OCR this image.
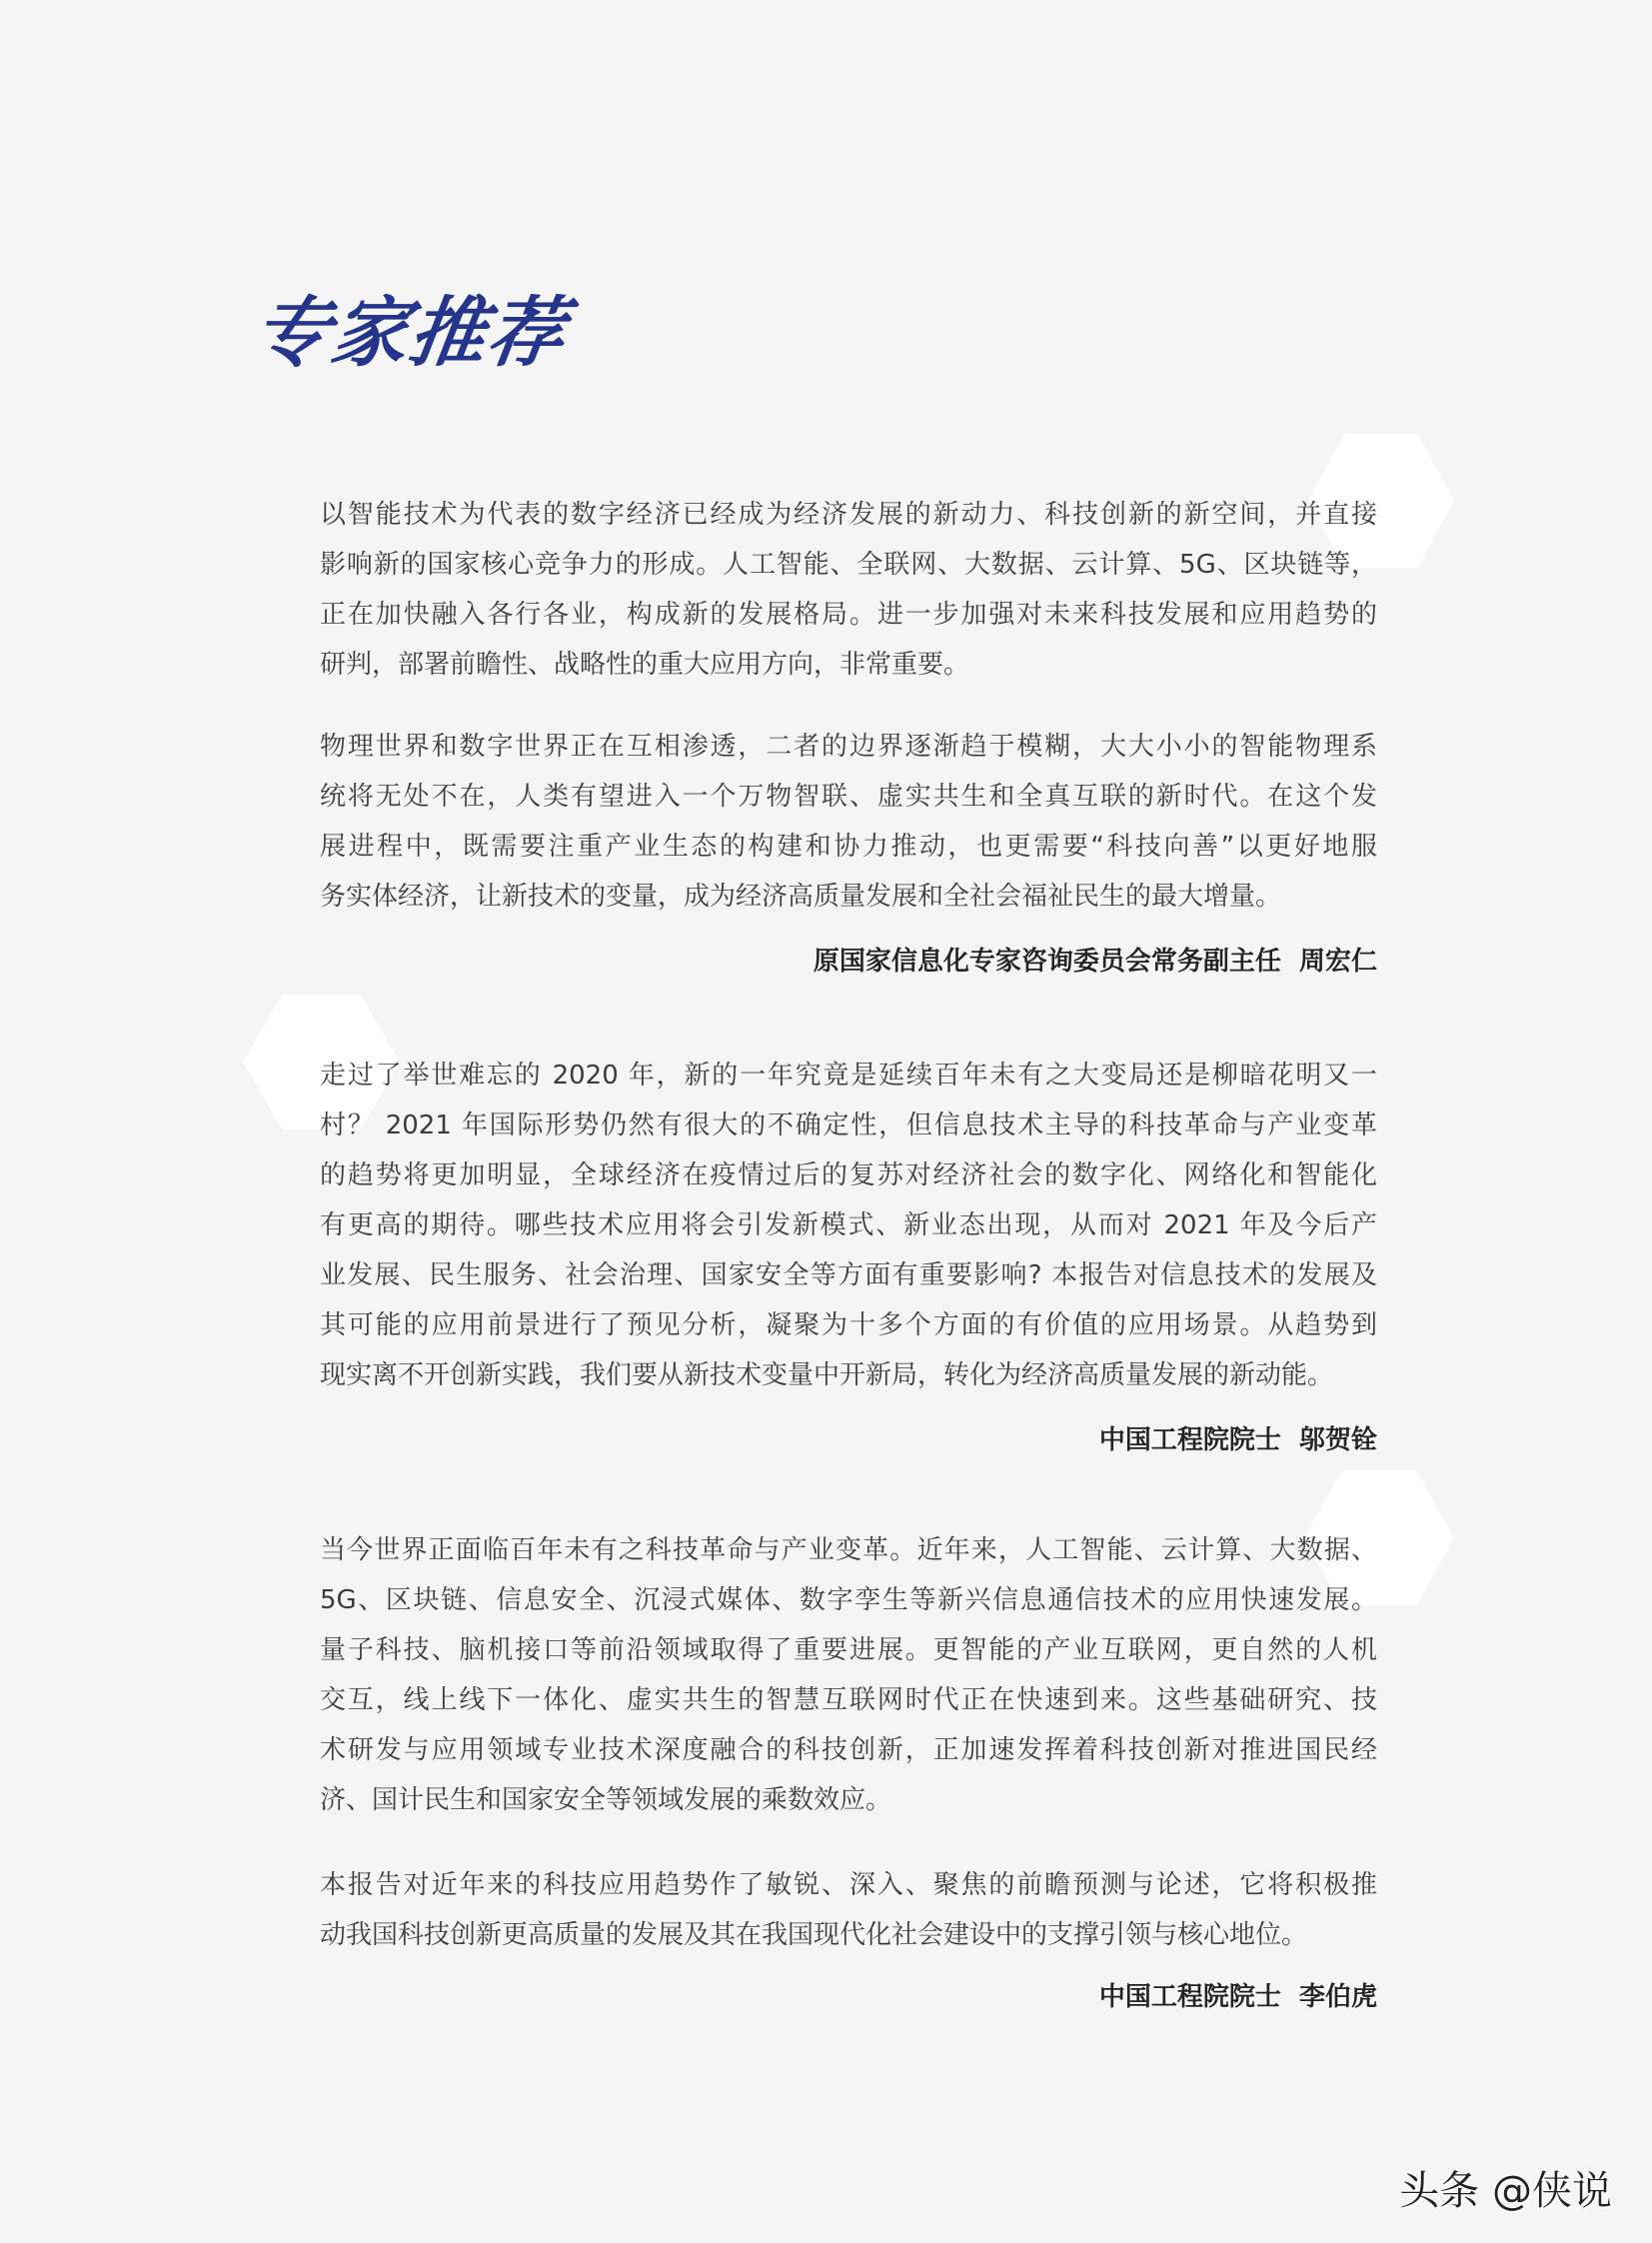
专家推荐
以智能技术为代表的数字经济已经成为经济发展的新动力、科技创新的新空间，并直接
影响新的国家核心竞争力的形成。人工智能、全联网、大数据、云计算、5G、区块链等，
正在加快融入各行各业，构成新的发展格局。进一步加强对未来科技发展和应用趋势的
研判，部署前瞻性、战略性的重大应用方向，非常重要。
物理世界和数字世界正在互相渗透，二者的边界逐渐趋于模糊，大大小小的智能物理系
统将无处不在，人类有望进入一个万物智联、虚实共生和全真互联的新时代。在这个发
展进程中，既需要注重产业生态的构建和协力推动，也更需要“科技向善”以更好地服
务实体经济，让新技术的变量，成为经济高质量发展和全社会福祉民生的最大增量。
原国家信息化专家咨询委员会常务副主任  周宏仁
走过了举世难忘的 2020 年，新的一年究竟是延续百年未有之大变局还是柳暗花明又一
村？ 2021 年国际形势仍然有很大的不确定性，但信息技术主导的科技革命与产业变革
的趋势将更加明显，全球经济在疫情过后的复苏对经济社会的数字化、网络化和智能化
有更高的期待。哪些技术应用将会引发新模式、新业态出现，从而对 2021 年及今后产
业发展、民生服务、社会治理、国家安全等方面有重要影响? 本报告对信息技术的发展及
其可能的应用前景进行了预见分析，凝聚为十多个方面的有价值的应用场景。从趋势到
现实离不开创新实践，我们要从新技术变量中开新局，转化为经济高质量发展的新动能。
中国工程院院士  邬贺铨
当今世界正面临百年未有之科技革命与产业变革。近年来，人工智能、云计算、大数据、
5G、区块链、信息安全、沉浸式媒体、数字孪生等新兴信息通信技术的应用快速发展。
量子科技、脑机接口等前沿领域取得了重要进展。更智能的产业互联网，更自然的人机
交互，线上线下一体化、虚实共生的智慧互联网时代正在快速到来。这些基础研究、技
术研发与应用领域专业技术深度融合的科技创新，正加速发挥着科技创新对推进国民经
济、国计民生和国家安全等领域发展的乘数效应。
本报告对近年来的科技应用趋势作了敏锐、深入、聚焦的前瞻预测与论述，它将积极推
动我国科技创新更高质量的发展及其在我国现代化社会建设中的支撑引领与核心地位。
中国工程院院士  李伯虎
头条 @侠说
